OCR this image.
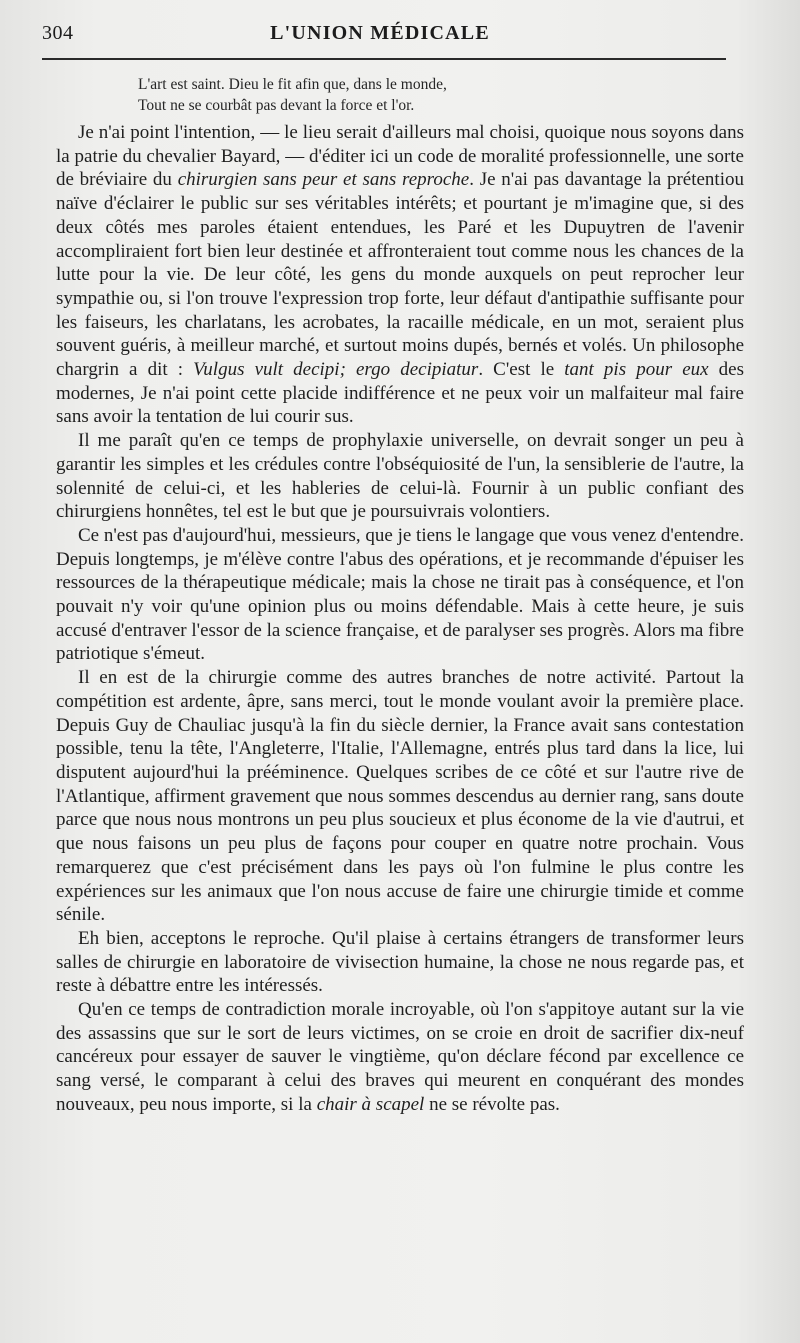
304	L'UNION MÉDICALE
L'art est saint. Dieu le fit afin que, dans le monde,
Tout ne se courbât pas devant la force et l'or.

Je n'ai point l'intention, — le lieu serait d'ailleurs mal choisi, quoique nous soyons dans la patrie du chevalier Bayard, — d'éditer ici un code de moralité professionnelle, une sorte de bréviaire du chirurgien sans peur et sans reproche. Je n'ai pas davantage la prétentiou naïve d'éclairer le public sur ses véritables intérêts; et pourtant je m'imagine que, si des deux côtés mes paroles étaient entendues, les Paré et les Dupuytren de l'avenir accompliraient fort bien leur destinée et affronteraient tout comme nous les chances de la lutte pour la vie. De leur côté, les gens du monde auxquels on peut reprocher leur sympathie ou, si l'on trouve l'expression trop forte, leur défaut d'antipathie suffisante pour les faiseurs, les charlatans, les acrobates, la racaille médicale, en un mot, seraient plus souvent guéris, à meilleur marché, et surtout moins dupés, bernés et volés. Un philosophe chargrin a dit : Vulgus vult decipi; ergo decipiatur. C'est le tant pis pour eux des modernes, Je n'ai point cette placide indifférence et ne peux voir un malfaiteur mal faire sans avoir la tentation de lui courir sus.

Il me paraît qu'en ce temps de prophylaxie universelle, on devrait songer un peu à garantir les simples et les crédules contre l'obséquiosité de l'un, la sensiblerie de l'autre, la solennité de celui-ci, et les hableries de celui-là. Fournir à un public confiant des chirurgiens honnêtes, tel est le but que je poursuivrais volontiers.

Ce n'est pas d'aujourd'hui, messieurs, que je tiens le langage que vous venez d'entendre. Depuis longtemps, je m'élève contre l'abus des opérations, et je recommande d'épuiser les ressources de la thérapeutique médicale; mais la chose ne tirait pas à conséquence, et l'on pouvait n'y voir qu'une opinion plus ou moins défendable. Mais à cette heure, je suis accusé d'entraver l'essor de la science française, et de paralyser ses progrès. Alors ma fibre patriotique s'émeut.

Il en est de la chirurgie comme des autres branches de notre activité. Partout la compétition est ardente, âpre, sans merci, tout le monde voulant avoir la première place. Depuis Guy de Chauliac jusqu'à la fin du siècle dernier, la France avait sans contestation possible, tenu la tête, l'Angleterre, l'Italie, l'Allemagne, entrés plus tard dans la lice, lui disputent aujourd'hui la prééminence. Quelques scribes de ce côté et sur l'autre rive de l'Atlantique, affirment gravement que nous sommes descendus au dernier rang, sans doute parce que nous nous montrons un peu plus soucieux et plus économe de la vie d'autrui, et que nous faisons un peu plus de façons pour couper en quatre notre prochain. Vous remarquerez que c'est précisément dans les pays où l'on fulmine le plus contre les expériences sur les animaux que l'on nous accuse de faire une chirurgie timide et comme sénile.

Eh bien, acceptons le reproche. Qu'il plaise à certains étrangers de transformer leurs salles de chirurgie en laboratoire de vivisection humaine, la chose ne nous regarde pas, et reste à débattre entre les intéressés.

Qu'en ce temps de contradiction morale incroyable, où l'on s'appitoye autant sur la vie des assassins que sur le sort de leurs victimes, on se croie en droit de sacrifier dix-neuf cancéreux pour essayer de sauver le vingtième, qu'on déclare fécond par excellence ce sang versé, le comparant à celui des braves qui meurent en conquérant des mondes nouveaux, peu nous importe, si la chair à scapel ne se révolte pas.
